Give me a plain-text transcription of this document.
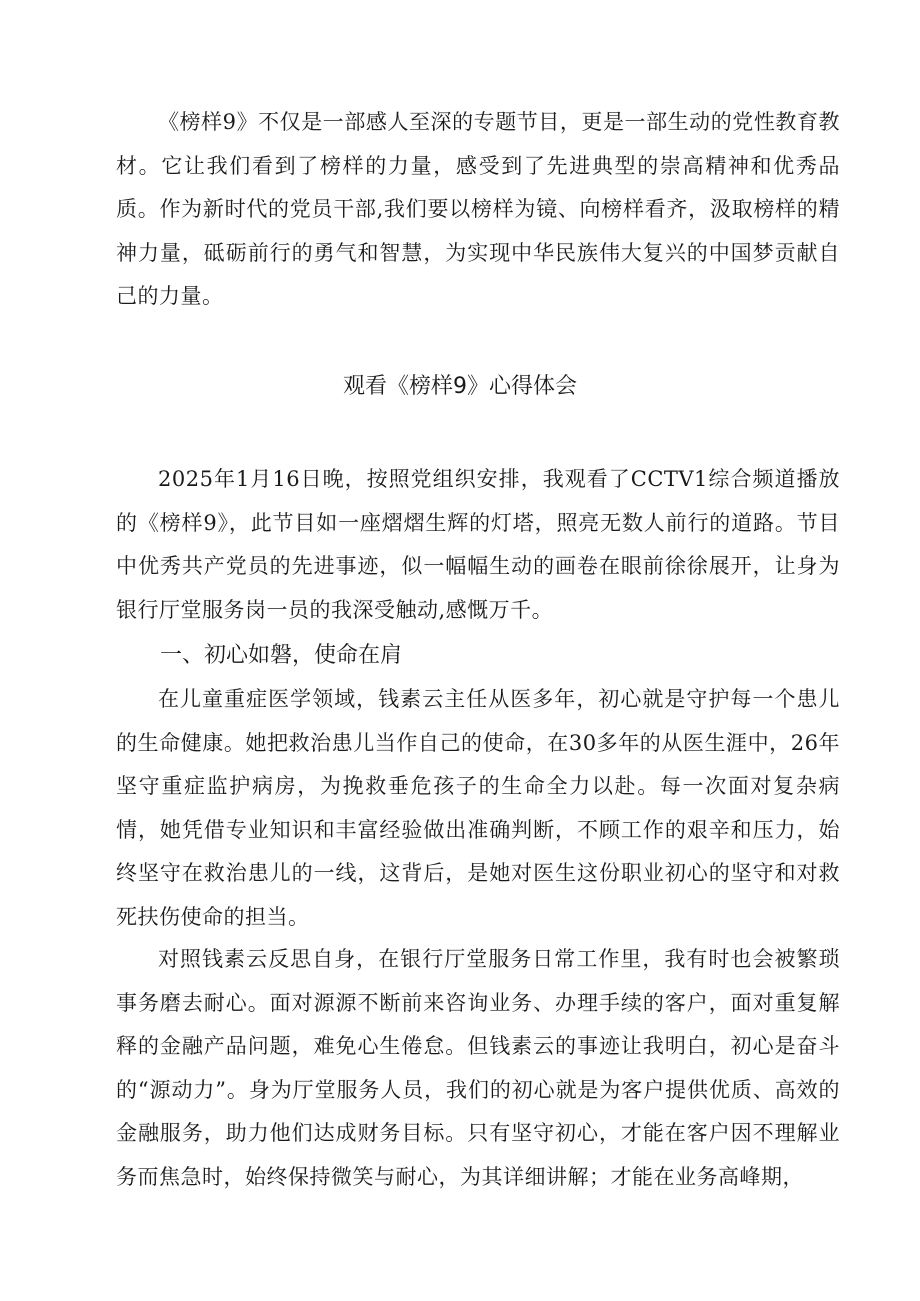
《榜样9》不仅是一部感人至深的专题节目，更是一部生动的党性教育教材。它让我们看到了榜样的力量，感受到了先进典型的崇高精神和优秀品质。作为新时代的党员干部,我们要以榜样为镜、向榜样看齐，汲取榜样的精神力量，砥砺前行的勇气和智慧，为实现中华民族伟大复兴的中国梦贡献自己的力量。

观看《榜样9》心得体会

2025年1月16日晚，按照党组织安排，我观看了CCTV1综合频道播放的《榜样9》，此节目如一座熠熠生辉的灯塔，照亮无数人前行的道路。节目中优秀共产党员的先进事迹，似一幅幅生动的画卷在眼前徐徐展开，让身为银行厅堂服务岗一员的我深受触动,感慨万千。

一、初心如磐，使命在肩

在儿童重症医学领域，钱素云主任从医多年，初心就是守护每一个患儿的生命健康。她把救治患儿当作自己的使命，在30多年的从医生涯中，26年坚守重症监护病房，为挽救垂危孩子的生命全力以赴。每一次面对复杂病情，她凭借专业知识和丰富经验做出准确判断，不顾工作的艰辛和压力，始终坚守在救治患儿的一线，这背后，是她对医生这份职业初心的坚守和对救死扶伤使命的担当。

对照钱素云反思自身，在银行厅堂服务日常工作里，我有时也会被繁琐事务磨去耐心。面对源源不断前来咨询业务、办理手续的客户，面对重复解释的金融产品问题，难免心生倦怠。但钱素云的事迹让我明白，初心是奋斗的“源动力”。身为厅堂服务人员，我们的初心就是为客户提供优质、高效的金融服务，助力他们达成财务目标。只有坚守初心，才能在客户因不理解业务而焦急时，始终保持微笑与耐心，为其详细讲解；才能在业务高峰期，
